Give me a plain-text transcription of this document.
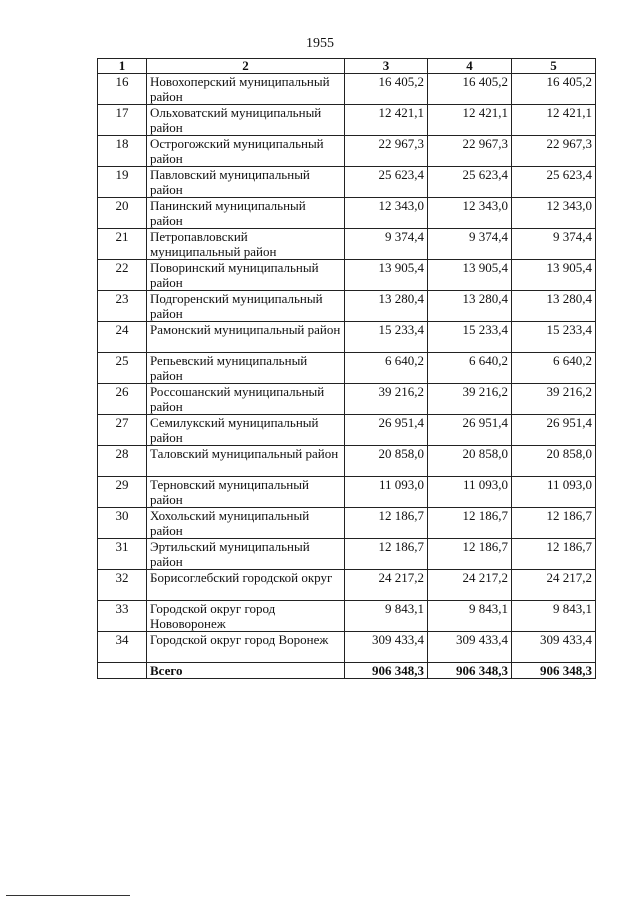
1955
1	2	3	4	5
16	Новохоперский муниципальный район	16 405,2	16 405,2	16 405,2
17	Ольховатский муниципальный район	12 421,1	12 421,1	12 421,1
18	Острогожский муниципальный район	22 967,3	22 967,3	22 967,3
19	Павловский муниципальный район	25 623,4	25 623,4	25 623,4
20	Панинский муниципальный район	12 343,0	12 343,0	12 343,0
21	Петропавловский муниципальный район	9 374,4	9 374,4	9 374,4
22	Поворинский муниципальный район	13 905,4	13 905,4	13 905,4
23	Подгоренский муниципальный район	13 280,4	13 280,4	13 280,4
24	Рамонский муниципальный район	15 233,4	15 233,4	15 233,4
25	Репьевский муниципальный район	6 640,2	6 640,2	6 640,2
26	Россошанский муниципальный район	39 216,2	39 216,2	39 216,2
27	Семилукский муниципальный район	26 951,4	26 951,4	26 951,4
28	Таловский муниципальный район	20 858,0	20 858,0	20 858,0
29	Терновский муниципальный район	11 093,0	11 093,0	11 093,0
30	Хохольский муниципальный район	12 186,7	12 186,7	12 186,7
31	Эртильский муниципальный район	12 186,7	12 186,7	12 186,7
32	Борисоглебский городской округ	24 217,2	24 217,2	24 217,2
33	Городской округ город Нововоронеж	9 843,1	9 843,1	9 843,1
34	Городской округ город Воронеж	309 433,4	309 433,4	309 433,4
	Всего	906 348,3	906 348,3	906 348,3
